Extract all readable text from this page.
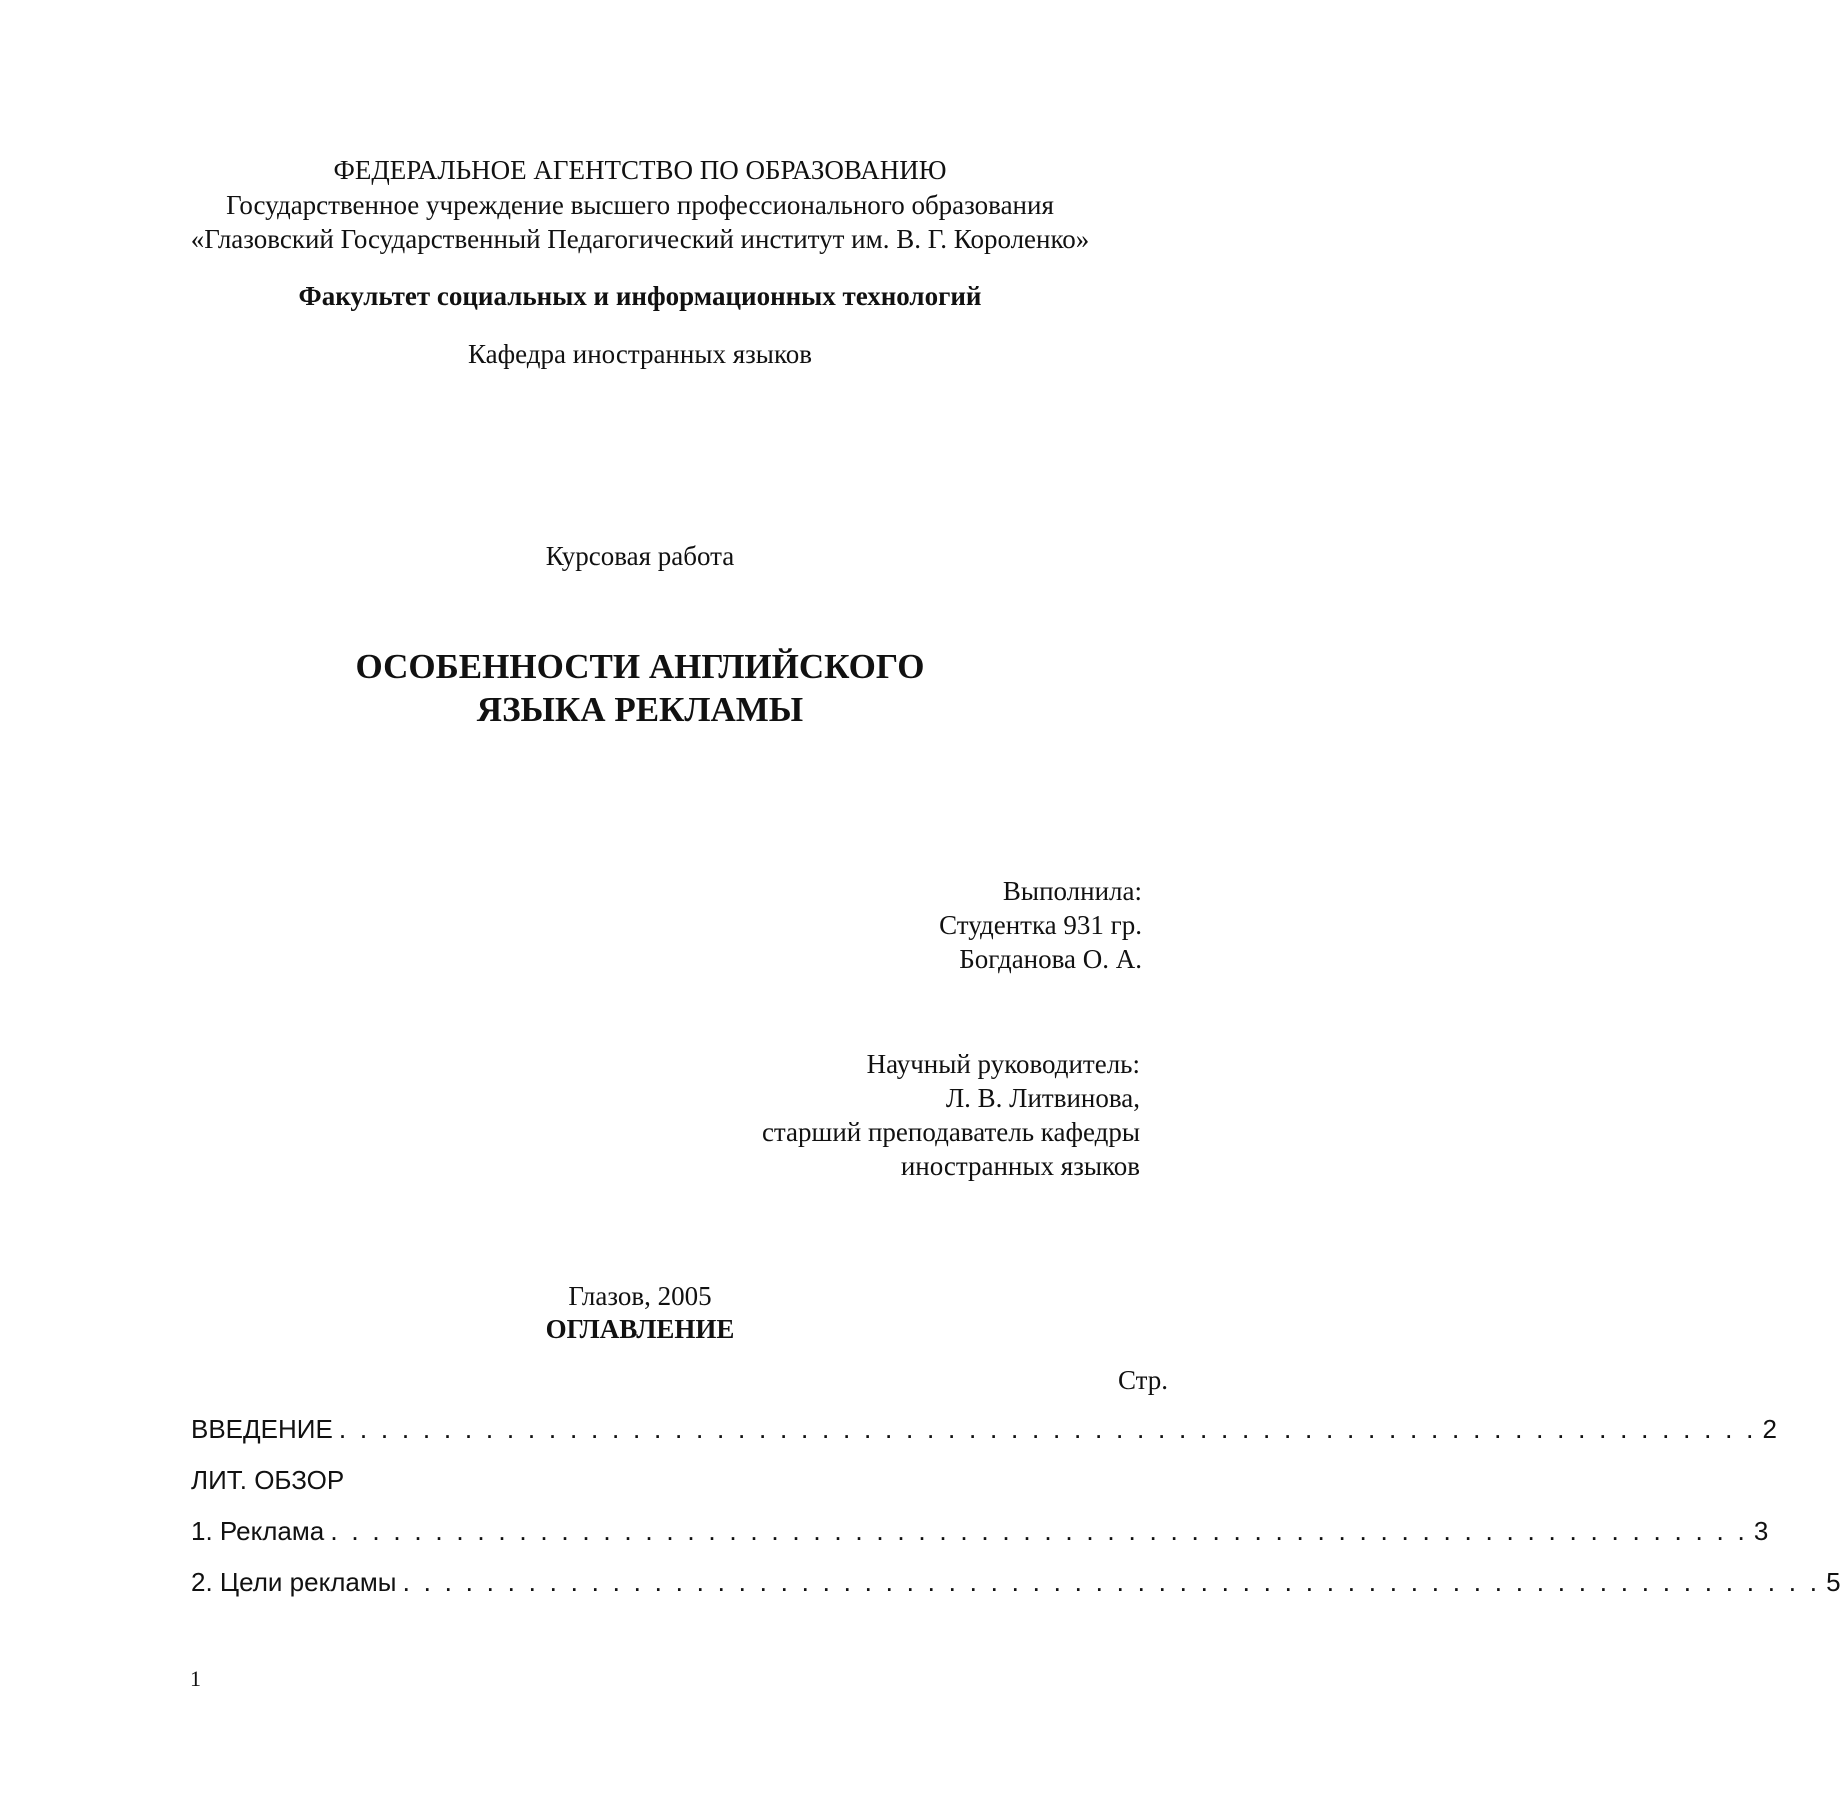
ФЕДЕРАЛЬНОЕ АГЕНТСТВО ПО ОБРАЗОВАНИЮ
Государственное учреждение высшего профессионального образования
«Глазовский Государственный Педагогический институт им. В. Г. Короленко»
Факультет социальных и информационных технологий
Кафедра иностранных языков
Курсовая работа
ОСОБЕННОСТИ АНГЛИЙСКОГО
ЯЗЫКА РЕКЛАМЫ
Выполнила:
Студентка 931 гр.
Богданова О. А.
Научный руководитель:
Л. В. Литвинова,
старший преподаватель кафедры
иностранных языков
Глазов, 2005
ОГЛАВЛЕНИЕ
Стр.
ВВЕДЕНИЕ . . . . . . . . . . . . . . . . . . . . . . . . . . . . . . . . . . . . . . . . . . . . . . . . . . . . . . . . . . . . . . . . . . . . 2
ЛИТ. ОБЗОР
1. Реклама . . . . . . . . . . . . . . . . . . . . . . . . . . . . . . . . . . . . . . . . . . . . . . . . . . . . . . . . . . . . . . . . . . . . 3
2. Цели рекламы . . . . . . . . . . . . . . . . . . . . . . . . . . . . . . . . . . . . . . . . . . . . . . . . . . . . . . . . . . . . . . . . . . . . 5
1
